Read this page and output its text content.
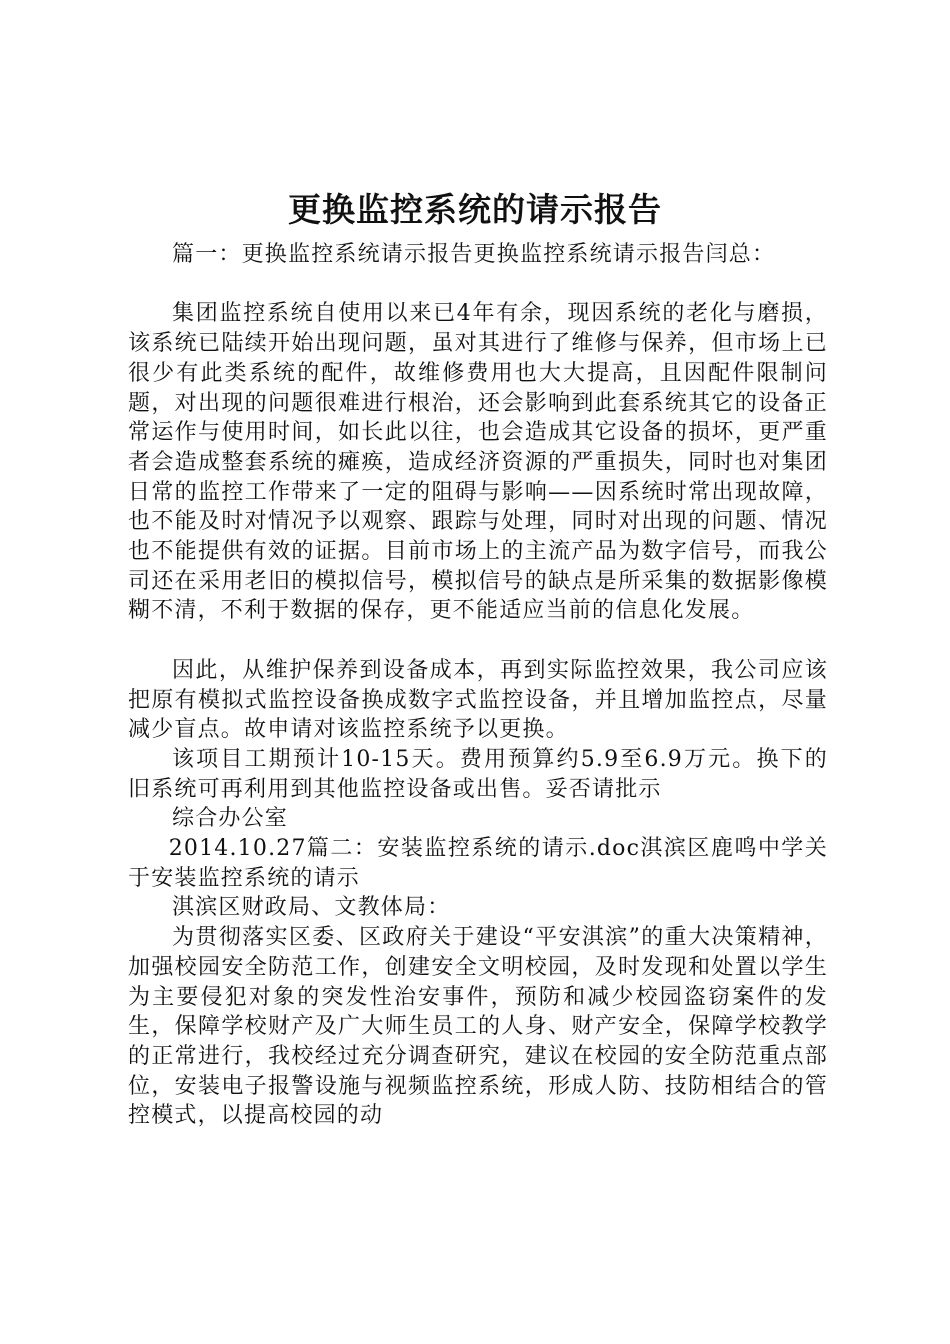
更换监控系统的请示报告

篇一：更换监控系统请示报告更换监控系统请示报告闫总：

集团监控系统自使用以来已4年有余，现因系统的老化与磨损，该系统已陆续开始出现问题，虽对其进行了维修与保养，但市场上已很少有此类系统的配件，故维修费用也大大提高，且因配件限制问题，对出现的问题很难进行根治，还会影响到此套系统其它的设备正常运作与使用时间，如长此以往，也会造成其它设备的损坏，更严重者会造成整套系统的瘫痪，造成经济资源的严重损失，同时也对集团日常的监控工作带来了一定的阻碍与影响——因系统时常出现故障，也不能及时对情况予以观察、跟踪与处理，同时对出现的问题、情况也不能提供有效的证据。目前市场上的主流产品为数字信号，而我公司还在采用老旧的模拟信号，模拟信号的缺点是所采集的数据影像模糊不清，不利于数据的保存，更不能适应当前的信息化发展。

因此，从维护保养到设备成本，再到实际监控效果，我公司应该把原有模拟式监控设备换成数字式监控设备，并且增加监控点，尽量减少盲点。故申请对该监控系统予以更换。

该项目工期预计10-15天。费用预算约5.9至6.9万元。换下的旧系统可再利用到其他监控设备或出售。妥否请批示

综合办公室

2014.10.27篇二：安装监控系统的请示.doc淇滨区鹿鸣中学关于安装监控系统的请示

淇滨区财政局、文教体局：

为贯彻落实区委、区政府关于建设“平安淇滨”的重大决策精神，加强校园安全防范工作，创建安全文明校园，及时发现和处置以学生为主要侵犯对象的突发性治安事件，预防和减少校园盗窃案件的发生，保障学校财产及广大师生员工的人身、财产安全，保障学校教学的正常进行，我校经过充分调查研究，建议在校园的安全防范重点部位，安装电子报警设施与视频监控系统，形成人防、技防相结合的管控模式，以提高校园的动
